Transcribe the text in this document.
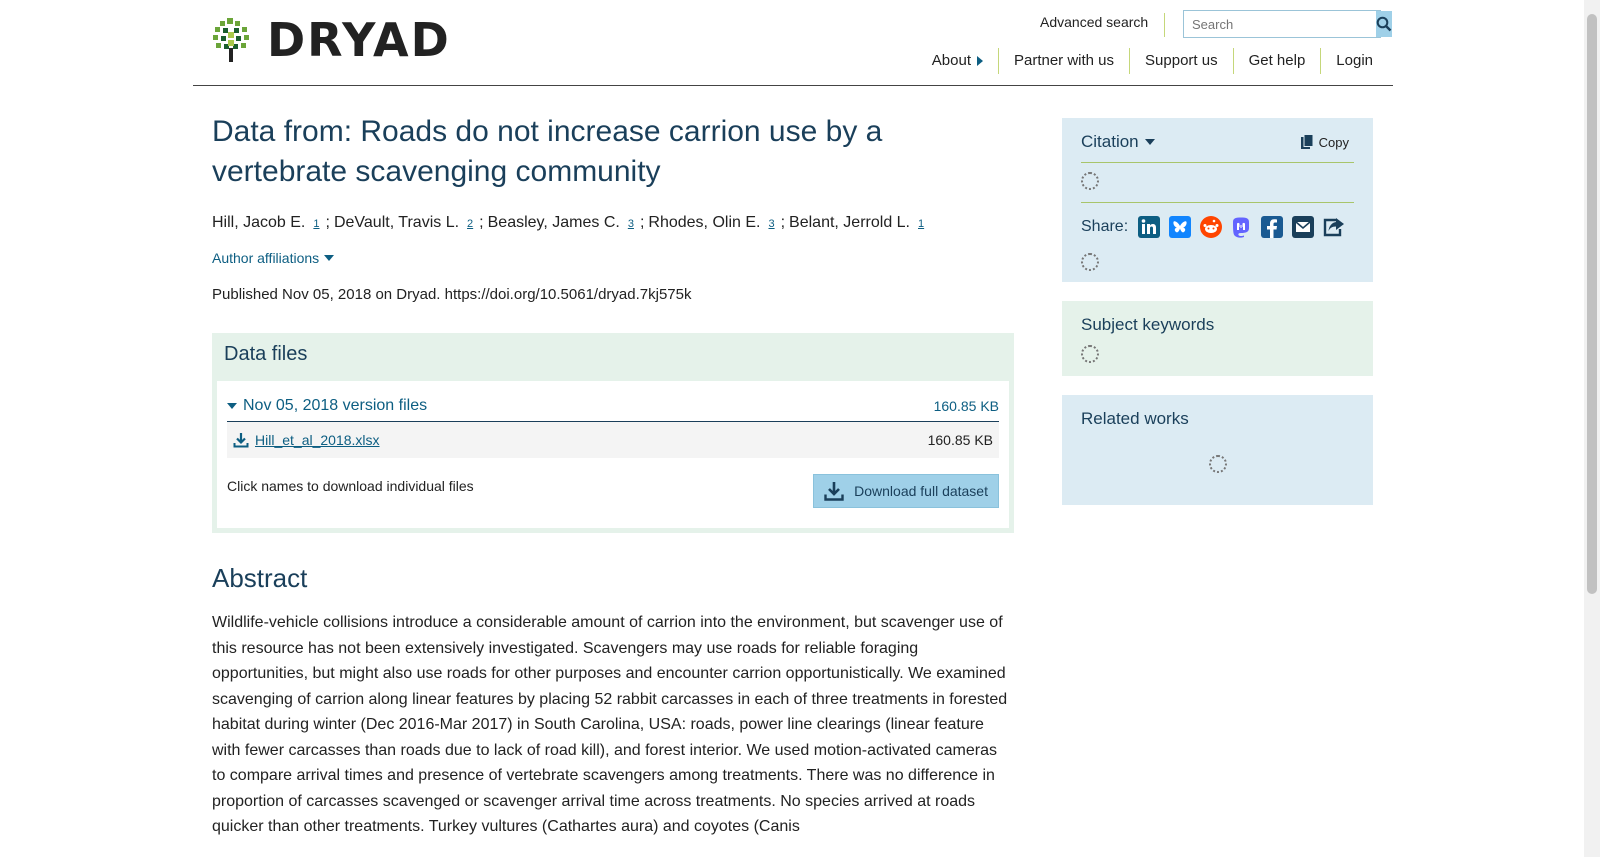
DRYAD	Advanced search
Search
About	Partner with us	Support us	Get help	Login
Data from: Roads do not increase carrion use by a vertebrate scavenging community
Hill, Jacob E. 1 ; DeVault, Travis L. 2 ; Beasley, James C. 3 ; Rhodes, Olin E. 3 ; Belant, Jerrold L. 1
Author affiliations

Published Nov 05, 2018 on Dryad. https://doi.org/10.5061/dryad.7kj575k

Data files
Nov 05, 2018 version files	160.85 KB
Hill_et_al_2018.xlsx	160.85 KB
Click names to download individual files	Download full dataset
Abstract

Wildlife-vehicle collisions introduce a considerable amount of carrion into the environment, but scavenger use of this resource has not been extensively investigated. Scavengers may use roads for reliable foraging opportunities, but might also use roads for other purposes and encounter carrion opportunistically. We examined scavenging of carrion along linear features by placing 52 rabbit carcasses in each of three treatments in forested habitat during winter (Dec 2016-Mar 2017) in South Carolina, USA: roads, power line clearings (linear feature with fewer carcasses than roads due to lack of road kill), and forest interior. We used motion-activated cameras to compare arrival times and presence of vertebrate scavengers among treatments. There was no difference in proportion of carcasses scavenged or scavenger arrival time across treatments. No species arrived at roads quicker than other treatments. Turkey vultures (Cathartes aura) and coyotes (Canis

Citation	Copy
Share:
Subject keywords
Related works
